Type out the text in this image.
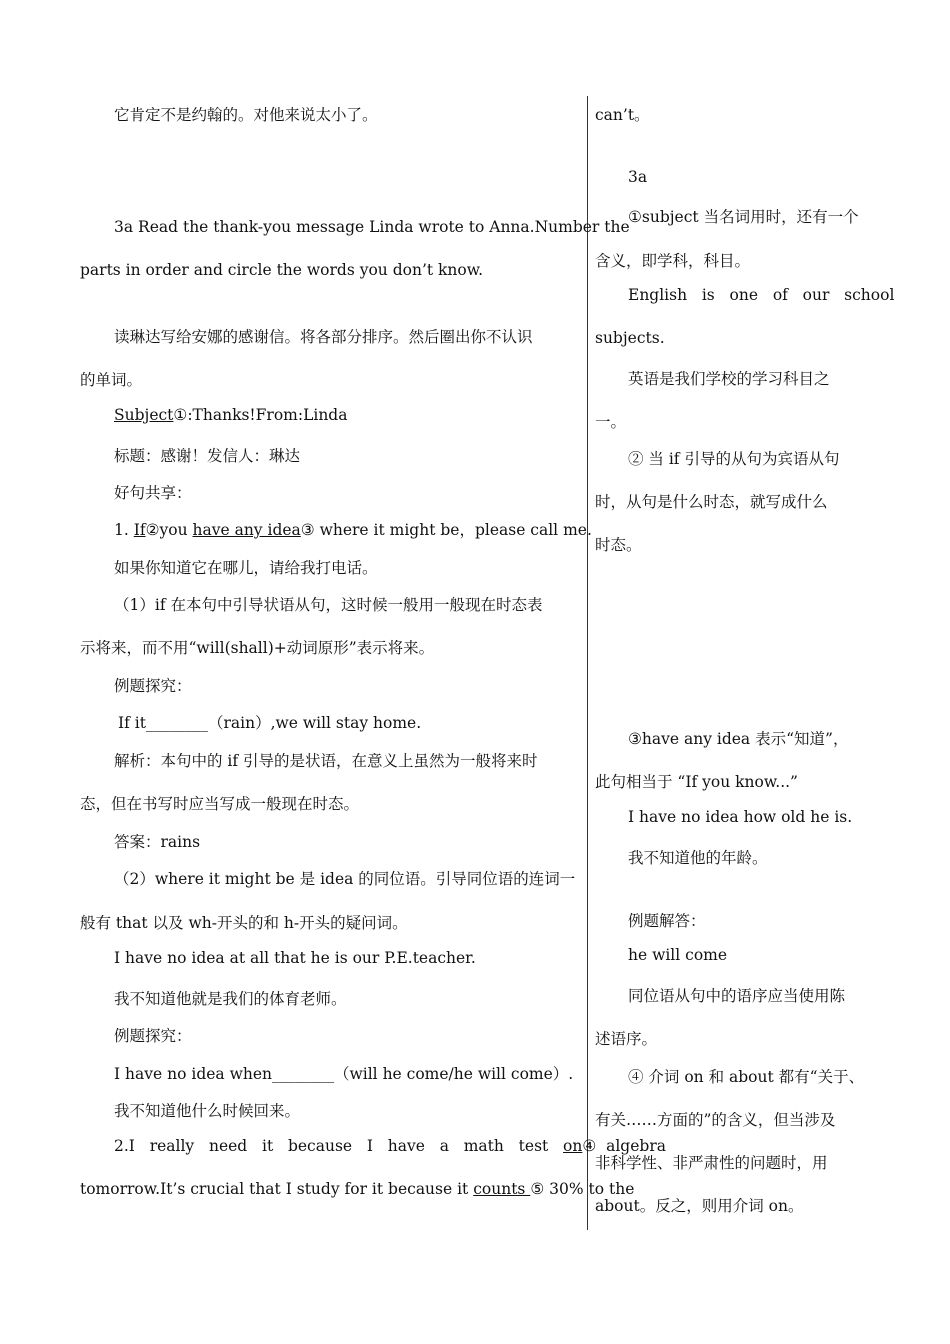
它肯定不是约翰的。对他来说太小了。
3a Read the thank-you message Linda wrote to Anna.Number the
parts in order and circle the words you don’t know.
读琳达写给安娜的感谢信。将各部分排序。然后圈出你不认识
的单词。
Subject①:Thanks!From:Linda
标题：感谢！发信人：琳达
好句共享：
1. If②you have any idea③ where it might be，please call me.
如果你知道它在哪儿，请给我打电话。
（1）if 在本句中引导状语从句，这时候一般用一般现在时态表
示将来，而不用“will(shall)+动词原形”表示将来。
例题探究：
If it________（rain）,we will stay home.
解析：本句中的 if 引导的是状语，在意义上虽然为一般将来时
态，但在书写时应当写成一般现在时态。
答案：rains
（2）where it might be 是 idea 的同位语。引导同位语的连词一
般有 that 以及 wh-开头的和 h-开头的疑问词。
I have no idea at all that he is our P.E.teacher.
我不知道他就是我们的体育老师。
例题探究：
I have no idea when________（will he come/he will come）.
我不知道他什么时候回来。
2.I   really   need   it   because   I   have   a   math   test   on④  algebra
tomorrow.It’s crucial that I study for it because it counts ⑤ 30% to the
can’t。
3a
①subject 当名词用时，还有一个
含义，即学科，科目。
English   is   one   of   our   school
subjects.
英语是我们学校的学习科目之
一。
② 当 if 引导的从句为宾语从句
时，从句是什么时态，就写成什么
时态。
③have any idea 表示“知道”，
此句相当于 “If you know...”
I have no idea how old he is.
我不知道他的年龄。
例题解答：
he will come
同位语从句中的语序应当使用陈
述语序。
④ 介词 on 和 about 都有“关于、
有关……方面的”的含义，但当涉及
非科学性、非严肃性的问题时，用
about。反之，则用介词 on。
